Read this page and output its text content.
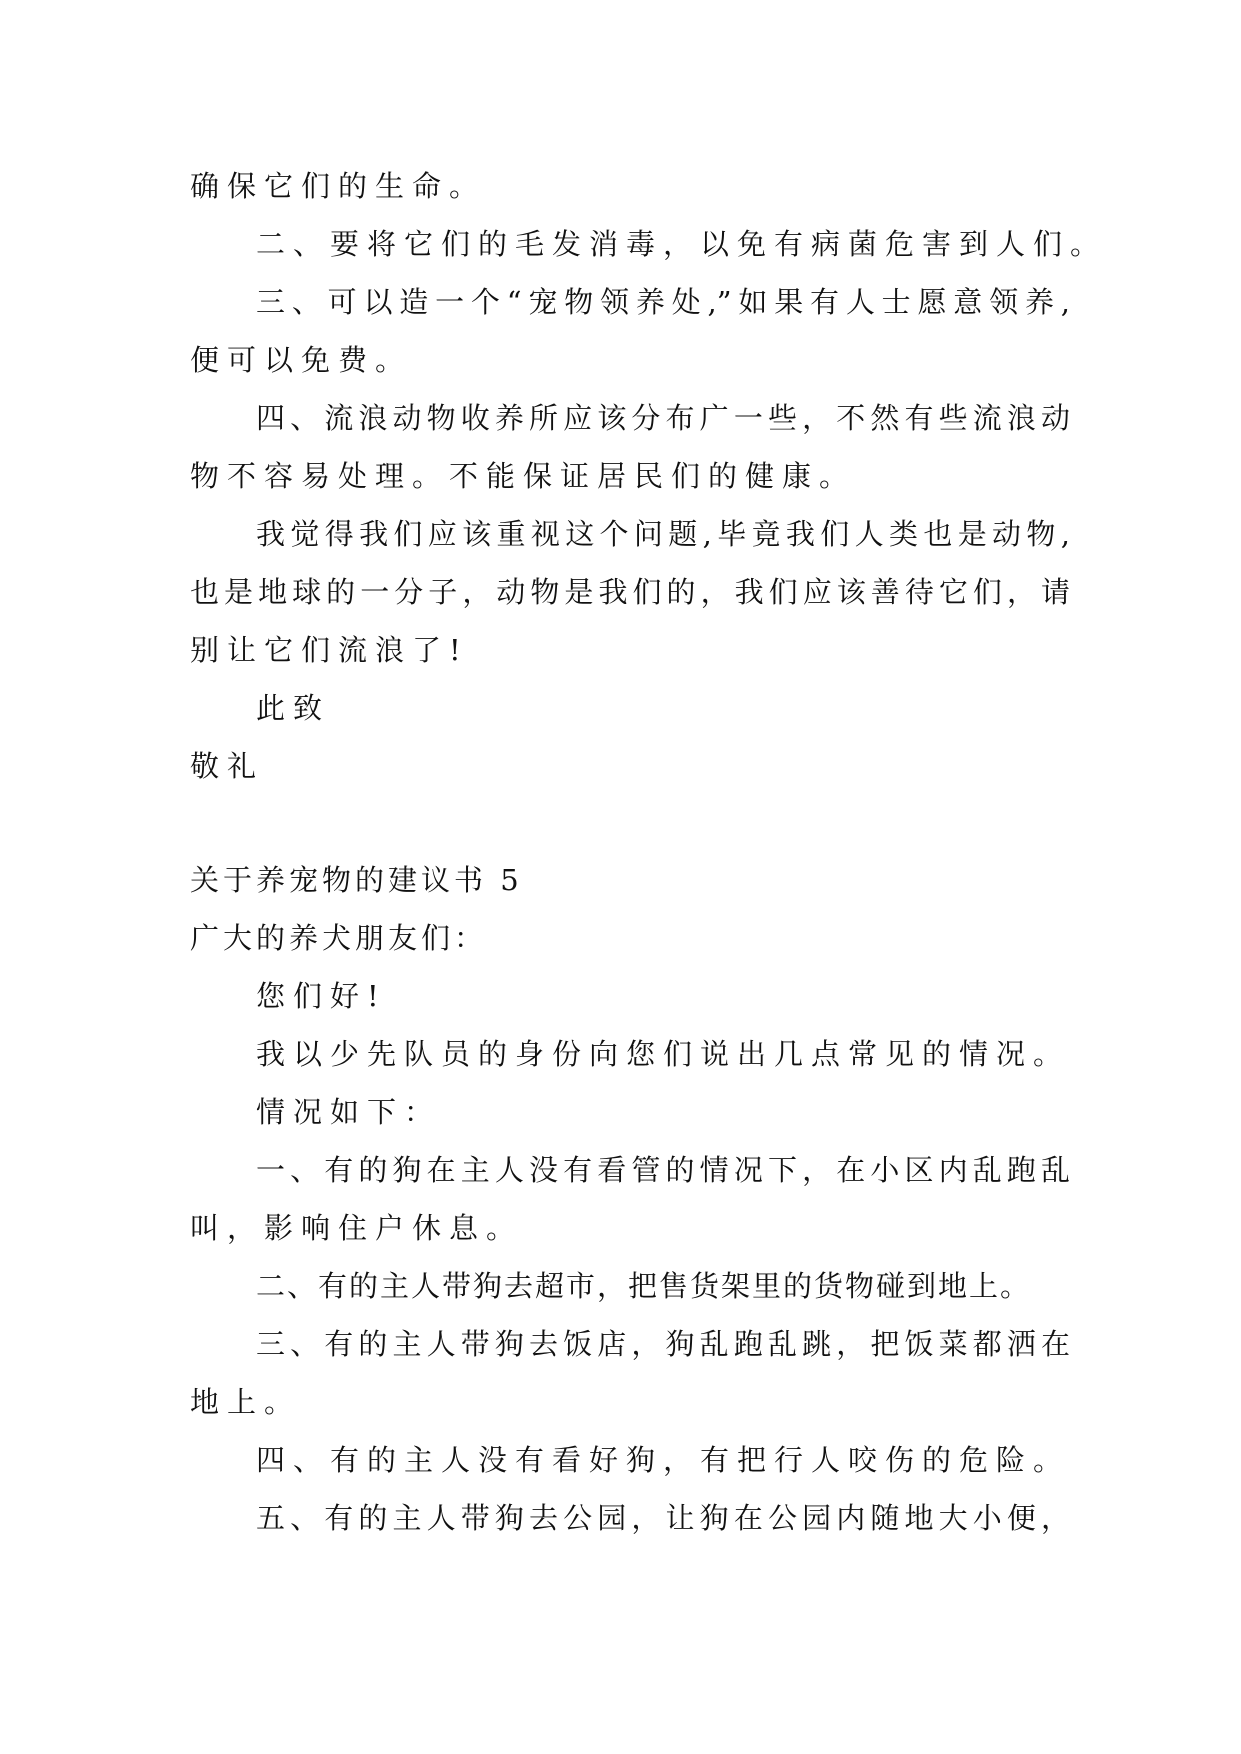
确保它们的生命。
二、要将它们的毛发消毒，以免有病菌危害到人们。
三、可以造一个“宠物领养处,”如果有人士愿意领养,
便可以免费。
四、流浪动物收养所应该分布广一些，不然有些流浪动
物不容易处理。不能保证居民们的健康。
我觉得我们应该重视这个问题,毕竟我们人类也是动物,
也是地球的一分子，动物是我们的，我们应该善待它们，请
别让它们流浪了!
此致
敬礼
关于养宠物的建议书 5
广大的养犬朋友们：
您们好!
我以少先队员的身份向您们说出几点常见的情况。
情况如下：
一、有的狗在主人没有看管的情况下，在小区内乱跑乱
叫，影响住户休息。
二、有的主人带狗去超市，把售货架里的货物碰到地上。
三、有的主人带狗去饭店，狗乱跑乱跳，把饭菜都洒在
地上。
四、有的主人没有看好狗，有把行人咬伤的危险。
五、有的主人带狗去公园，让狗在公园内随地大小便，
